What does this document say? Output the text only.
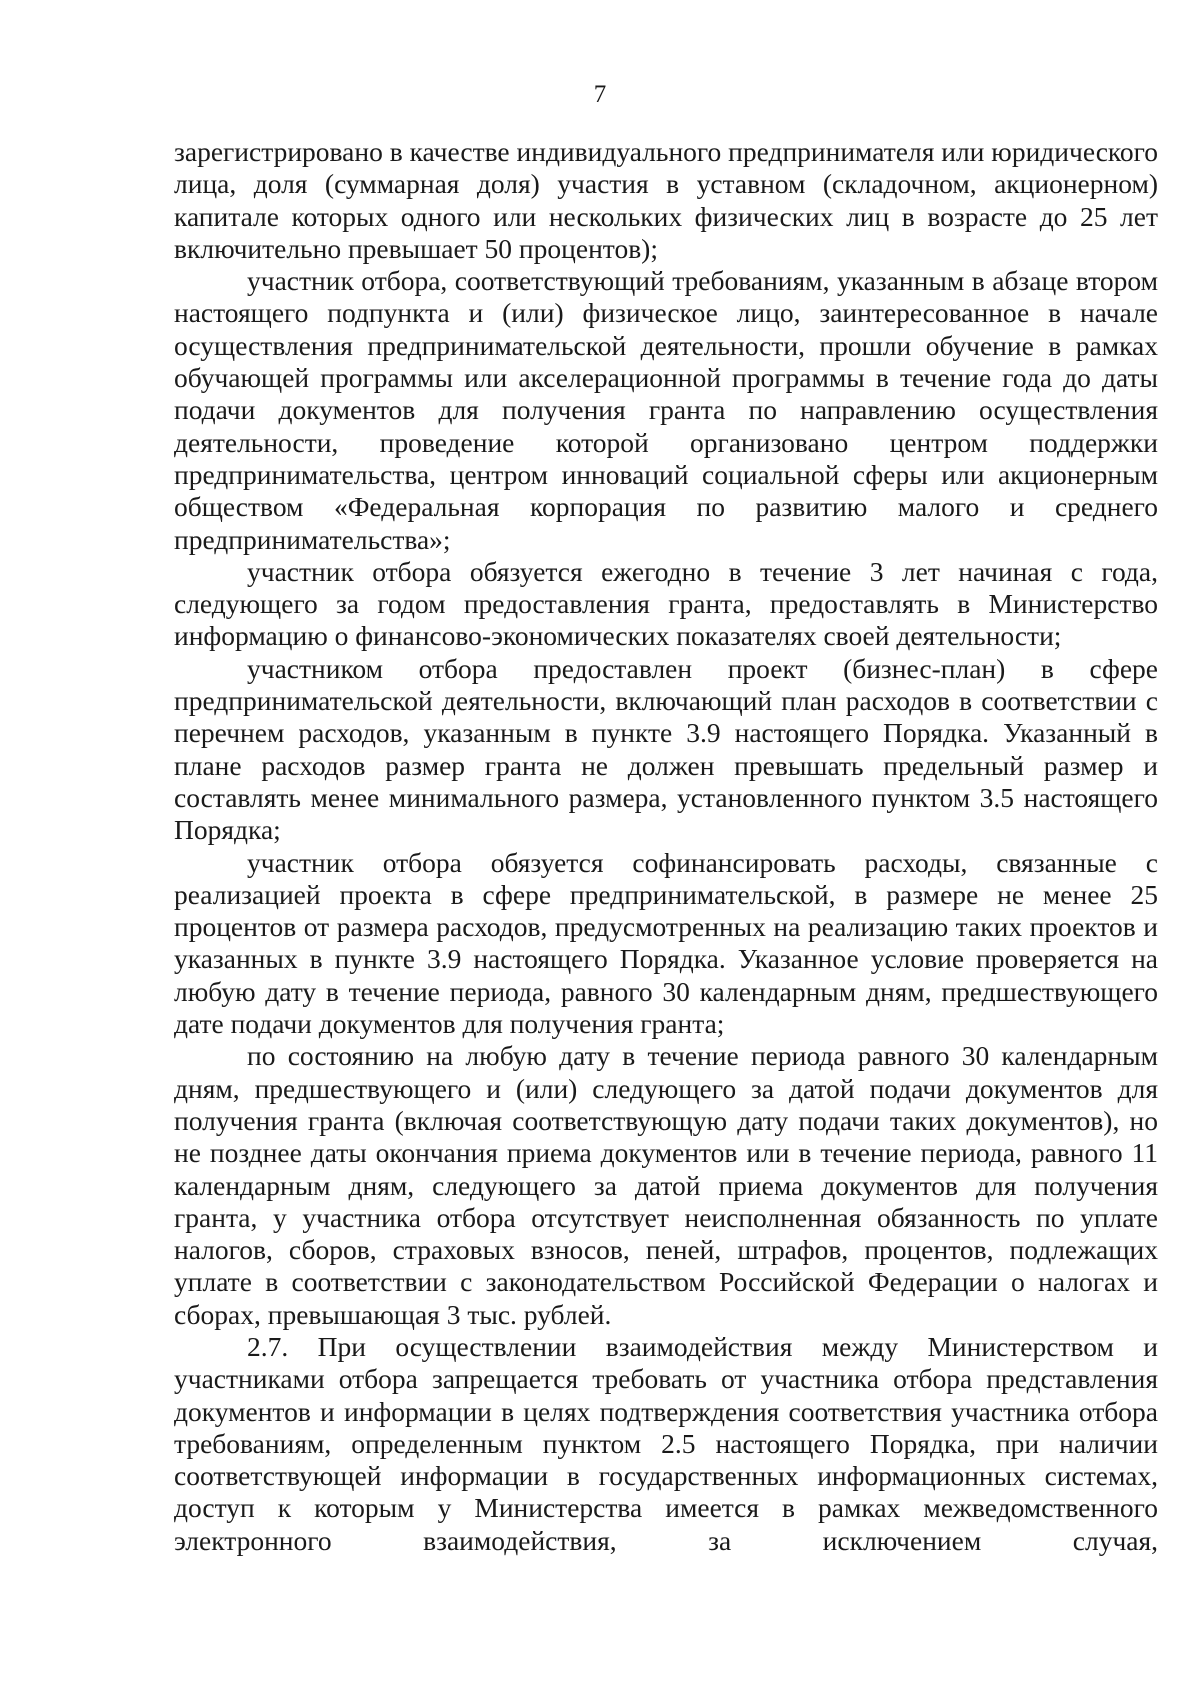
7

зарегистрировано в качестве индивидуального предпринимателя или юридического лица, доля (суммарная доля) участия в уставном (складочном, акционерном) капитале которых одного или нескольких физических лиц в возрасте до 25 лет включительно превышает 50 процентов);

участник отбора, соответствующий требованиям, указанным в абзаце втором настоящего подпункта и (или) физическое лицо, заинтересованное в начале осуществления предпринимательской деятельности, прошли обучение в рамках обучающей программы или акселерационной программы в течение года до даты подачи документов для получения гранта по направлению осуществления деятельности, проведение которой организовано центром поддержки предпринимательства, центром инноваций социальной сферы или акционерным обществом «Федеральная корпорация по развитию малого и среднего предпринимательства»;

участник отбора обязуется ежегодно в течение 3 лет начиная с года, следующего за годом предоставления гранта, предоставлять в Министерство информацию о финансово-экономических показателях своей деятельности;

участником отбора предоставлен проект (бизнес-план) в сфере предпринимательской деятельности, включающий план расходов в соответствии с перечнем расходов, указанным в пункте 3.9 настоящего Порядка. Указанный в плане расходов размер гранта не должен превышать предельный размер и составлять менее минимального размера, установленного пунктом 3.5 настоящего Порядка;

участник отбора обязуется софинансировать расходы, связанные с реализацией проекта в сфере предпринимательской, в размере не менее 25 процентов от размера расходов, предусмотренных на реализацию таких проектов и указанных в пункте 3.9 настоящего Порядка. Указанное условие проверяется на любую дату в течение периода, равного 30 календарным дням, предшествующего дате подачи документов для получения гранта;

по состоянию на любую дату в течение периода равного 30 календарным дням, предшествующего и (или) следующего за датой подачи документов для получения гранта (включая соответствующую дату подачи таких документов), но не позднее даты окончания приема документов или в течение периода, равного 11 календарным дням, следующего за датой приема документов для получения гранта, у участника отбора отсутствует неисполненная обязанность по уплате налогов, сборов, страховых взносов, пеней, штрафов, процентов, подлежащих уплате в соответствии с законодательством Российской Федерации о налогах и сборах, превышающая 3 тыс. рублей.

2.7. При осуществлении взаимодействия между Министерством и участниками отбора запрещается требовать от участника отбора представления документов и информации в целях подтверждения соответствия участника отбора требованиям, определенным пунктом 2.5 настоящего Порядка, при наличии соответствующей информации в государственных информационных системах, доступ к которым у Министерства имеется в рамках межведомственного электронного взаимодействия, за исключением случая,
